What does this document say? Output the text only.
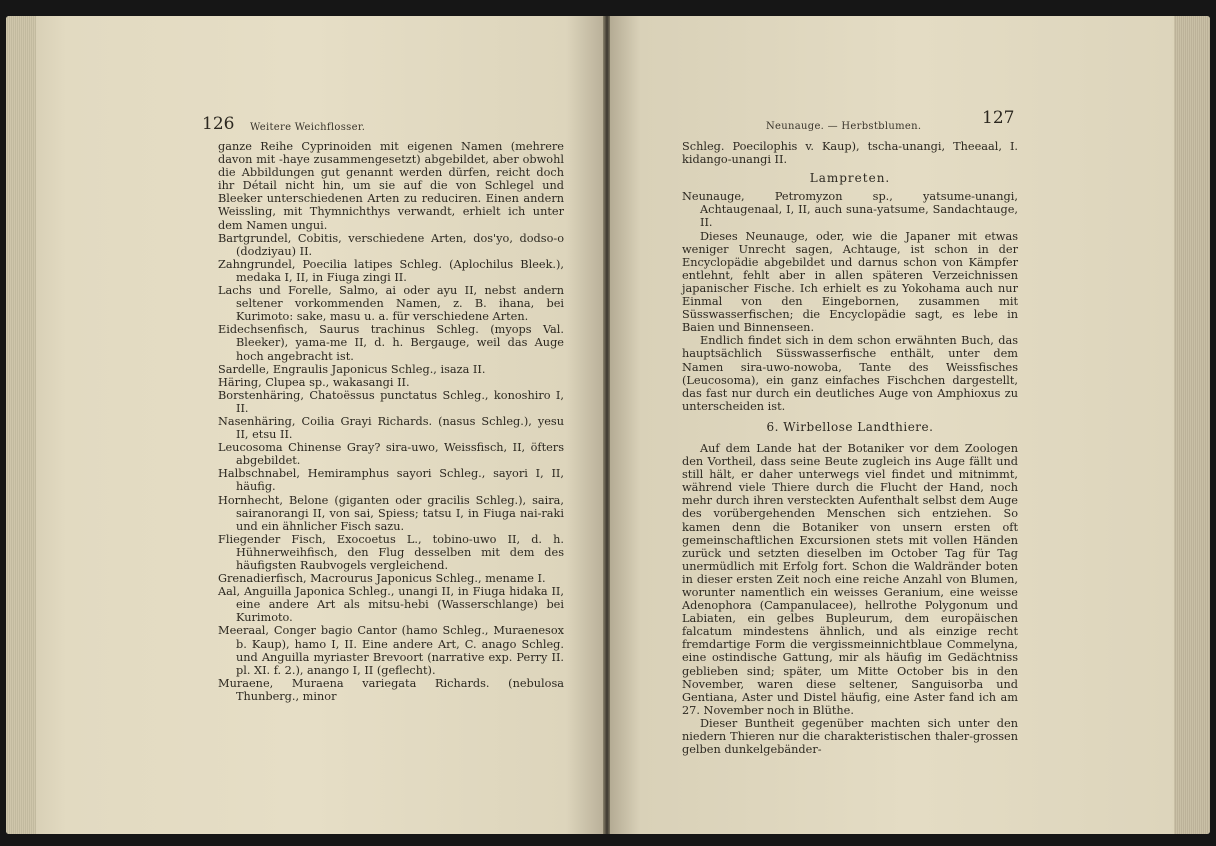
126 Weitere Weichflosser.

ganze Reihe Cyprinoiden mit eigenen Namen (mehrere davon mit -haye zusammengesetzt) abgebildet, aber obwohl die Abbildungen gut genannt werden dürfen, reicht doch ihr Détail nicht hin, um sie auf die von Schlegel und Bleeker unterschiedenen Arten zu reduciren. Einen andern Weissling, mit Thymnichthys verwandt, erhielt ich unter dem Namen ungui.

Bartgrundel, Cobitis, verschiedene Arten, dos'yo, dodso-o (dodziyau) II.

Zahngrundel, Poecilia latipes Schleg. (Aplochilus Bleek.), medaka I, II, in Fiuga zingi II.

Lachs und Forelle, Salmo, ai oder ayu II, nebst andern seltener vorkommenden Namen, z. B. ihana, bei Kurimoto: sake, masu u. a. für verschiedene Arten.

Eidechsenfisch, Saurus trachinus Schleg. (myops Val. Bleeker), yama-me II, d. h. Bergauge, weil das Auge hoch angebracht ist.

Sardelle, Engraulis Japonicus Schleg., isaza II.

Häring, Clupea sp., wakasangi II.

Borstenhäring, Chatoëssus punctatus Schleg., konoshiro I, II.

Nasenhäring, Coilia Grayi Richards. (nasus Schleg.), yesu II, etsu II.

Leucosoma Chinense Gray? sira-uwo, Weissfisch, II, öfters abgebildet.

Halbschnabel, Hemiramphus sayori Schleg., sayori I, II, häufig.

Hornhecht, Belone (giganten oder gracilis Schleg.), saira, sairanorangi II, von sai, Spiess; tatsu I, in Fiuga nai-raki und ein ähnlicher Fisch sazu.

Fliegender Fisch, Exocoetus L., tobino-uwo II, d. h. Hühnerweihfisch, den Flug desselben mit dem des häufigsten Raubvogels vergleichend.

Grenadierfisch, Macrourus Japonicus Schleg., mename I.

Aal, Anguilla Japonica Schleg., unangi II, in Fiuga hidaka II, eine andere Art als mitsu-hebi (Wasserschlange) bei Kurimoto.

Meeraal, Conger bagio Cantor (hamo Schleg., Muraenesox b. Kaup), hamo I, II. Eine andere Art, C. anago Schleg. und Anguilla myriaster Brevoort (narrative exp. Perry II. pl. XI. f. 2.), anango I, II (geflecht).

Muraene, Muraena variegata Richards. (nebulosa Thunberg., minor

Neunauge. — Herbstblumen.	127

Schleg. Poecilophis v. Kaup), tscha-unangi, Theeaal, I. kidango-unangi II.

Lampreten.

Neunauge, Petromyzon sp., yatsume-unangi, Achtaugenaal, I, II, auch suna-yatsume, Sandachtauge, II.

Dieses Neunauge, oder, wie die Japaner mit etwas weniger Unrecht sagen, Achtauge, ist schon in der Encyclopädie abgebildet und darnus schon von Kämpfer entlehnt, fehlt aber in allen späteren Verzeichnissen japanischer Fische. Ich erhielt es zu Yokohama auch nur Einmal von den Eingebornen, zusammen mit Süsswasserfischen; die Encyclopädie sagt, es lebe in Baien und Binnenseen.

Endlich findet sich in dem schon erwähnten Buch, das hauptsächlich Süsswasserfische enthält, unter dem Namen sira-uwo-nowoba, Tante des Weissfisches (Leucosoma), ein ganz einfaches Fischchen dargestellt, das fast nur durch ein deutliches Auge von Amphioxus zu unterscheiden ist.

6. Wirbellose Landthiere.

Auf dem Lande hat der Botaniker vor dem Zoologen den Vortheil, dass seine Beute zugleich ins Auge fällt und still hält, er daher unterwegs viel findet und mitnimmt, während viele Thiere durch die Flucht der Hand, noch mehr durch ihren versteckten Aufenthalt selbst dem Auge des vorübergehenden Menschen sich entziehen. So kamen denn die Botaniker von unsern ersten oft gemeinschaftlichen Excursionen stets mit vollen Händen zurück und setzten dieselben im October Tag für Tag unermüdlich mit Erfolg fort. Schon die Waldränder boten in dieser ersten Zeit noch eine reiche Anzahl von Blumen, worunter namentlich ein weisses Geranium, eine weisse Adenophora (Campanulacee), hellrothe Polygonum und Labiaten, ein gelbes Bupleurum, dem europäischen falcatum mindestens ähnlich, und als einzige recht fremdartige Form die vergissmeinnichtblaue Commelyna, eine ostindische Gattung, mir als häufig im Gedächtniss geblieben sind; später, um Mitte October bis in den November, waren diese seltener, Sanguisorba und Gentiana, Aster und Distel häufig, eine Aster fand ich am 27. November noch in Blüthe.

Dieser Buntheit gegenüber machten sich unter den niedern Thieren nur die charakteristischen thaler-grossen gelben dunkelgebänder-
